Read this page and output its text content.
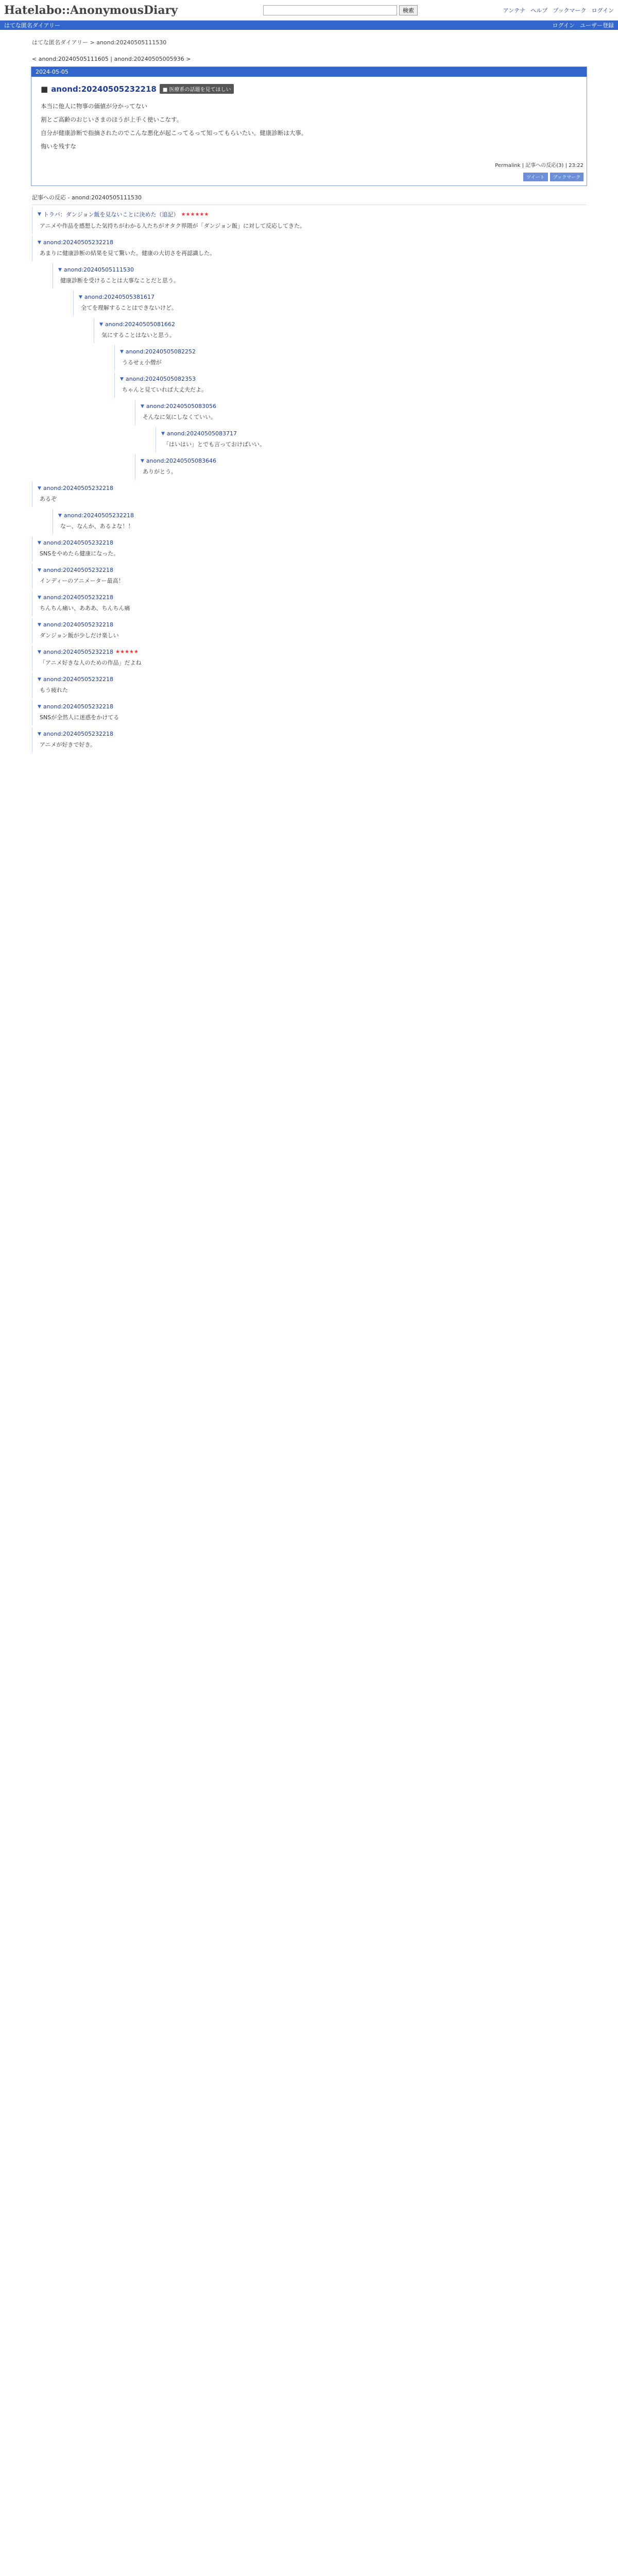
Hatelabo::AnonymousDiary	検索	アンテナ ヘルプ ブックマーク ログイン
はてな匿名ダイアリー	ログイン ユーザー登録
はてな匿名ダイアリー > anond:20240505111530
< anond:20240505111605 | anond:20240505005936 >
2024-05-05
■ anond:20240505232218	■ 医療系の話題を見てほしい

本当に他人に物事の価値が分かってない

割とご高齢のおじいさまのほうが上手く使いこなす。

自分が健康診断で指摘されたのでこんな悪化が起こってるって知ってもらいたい。健康診断は大事。

悔いを残すな

Permalink | 記事への反応(3) | 23:22
ツイート	ブックマーク
記事への反応 - anond:20240505111530
▼ トラバ：ダンジョン飯を見ないことに決めた（追記） ★★★★★★
アニメや作品を感想した気持ちがわかる人たちがオタク界隈が「ダンジョン飯」に対して反応してきた。
▼ anond:20240505232218
あまりに健康診断の結果を見て驚いた。健康の大切さを再認識した。
▼ anond:20240505111530
健康診断を受けることは大事なことだと思う。
▼ anond:20240505381617
全てを理解することはできないけど。
▼ anond:20240505081662
気にすることはないと思う。
▼ anond:20240505082252
うるせぇ小僧が
▼ anond:20240505082353
ちゃんと見ていれば大丈夫だよ。
▼ anond:20240505083056
そんなに気にしなくていい。
▼ anond:20240505083717
「はいはい」とでも言っておけばいい。
▼ anond:20240505083646
ありがとう。
▼ anond:20240505232218
あるぞ
▼ anond:20240505232218
なー、なんか、あるよな！！
▼ anond:20240505232218
SNSをやめたら健康になった。
▼ anond:20240505232218
インディーのアニメーター最高！
▼ anond:20240505232218
ちんちん痛い、あああ、ちんちん痛
▼ anond:20240505232218
ダンジョン飯が少しだけ楽しい
▼ anond:20240505232218 ★★★★★
「アニメ好きな人のための作品」だよね
▼ anond:20240505232218
もう疲れた
▼ anond:20240505232218
SNSが全然人に迷惑をかけてる
▼ anond:20240505232218
アニメが好きで好き。
